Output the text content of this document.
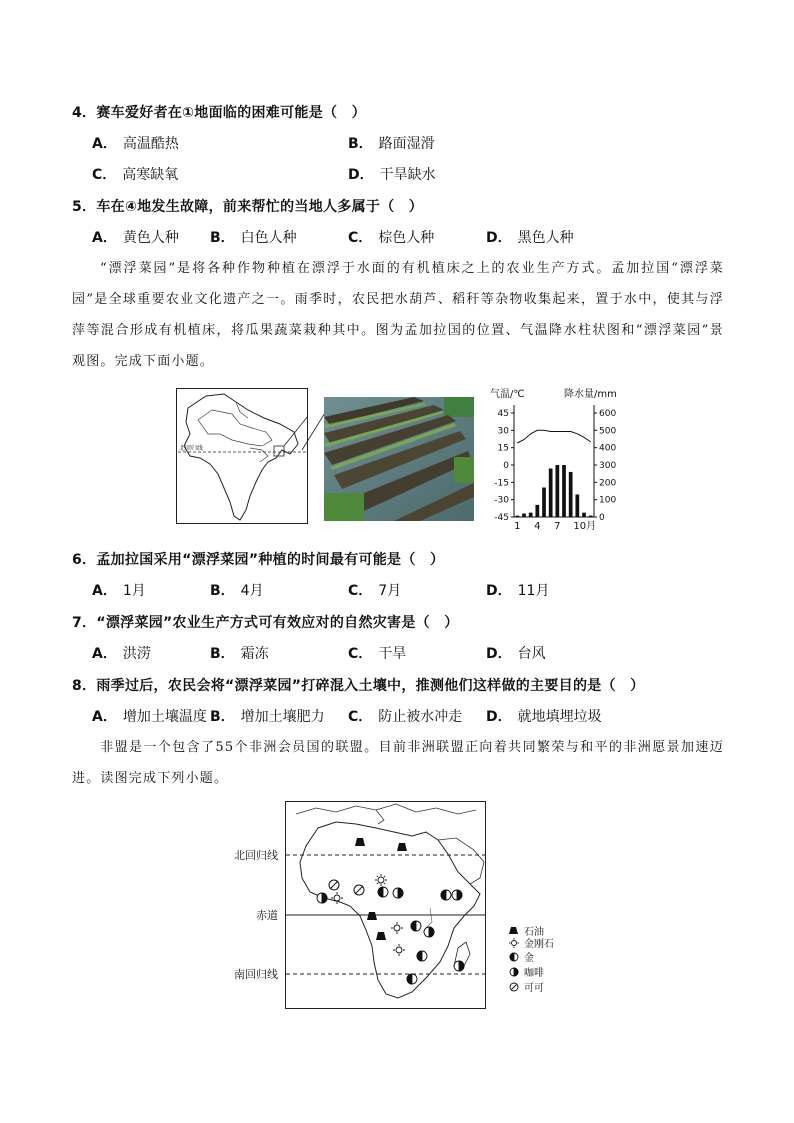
4．赛车爱好者在①地面临的困难可能是（　）
A． 高温酷热	B． 路面湿滑
C． 高寒缺氧	D． 干旱缺水
5．车在④地发生故障，前来帮忙的当地人多属于（　）
A． 黄色人种 B． 白色人种	C． 棕色人种	D． 黑色人种
“漂浮菜园”是将各种作物种植在漂浮于水面的有机植床之上的农业生产方式。孟加拉国“漂浮菜园”是全球重要农业文化遗产之一。雨季时，农民把水葫芦、稻秆等杂物收集起来，置于水中，使其与浮萍等混合形成有机植床，将瓜果蔬菜栽种其中。图为孟加拉国的位置、气温降水柱状图和“漂浮菜园”景观图。完成下面小题。
北回归线
气温/℃	降水量/mm
45
30
15
0
-15
-30
-45
600
500
400
300
200
100
0
1 4 7 10月
6．孟加拉国采用“漂浮菜园”种植的时间最有可能是（　）
A． 1月	B． 4月	C． 7月	D． 11月
7．“漂浮菜园”农业生产方式可有效应对的自然灾害是（　）
A． 洪涝	B． 霜冻	C． 干旱	D． 台风
8．雨季过后，农民会将“漂浮菜园”打碎混入土壤中，推测他们这样做的主要目的是（　）
A． 增加土壤温度 B． 增加土壤肥力 C． 防止被水冲走 D． 就地填埋垃圾
非盟是一个包含了55个非洲会员国的联盟。目前非洲联盟正向着共同繁荣与和平的非洲愿景加速迈进。读图完成下列小题。
北回归线
赤道
南回归线
石油
金刚石
金
咖啡
可可
